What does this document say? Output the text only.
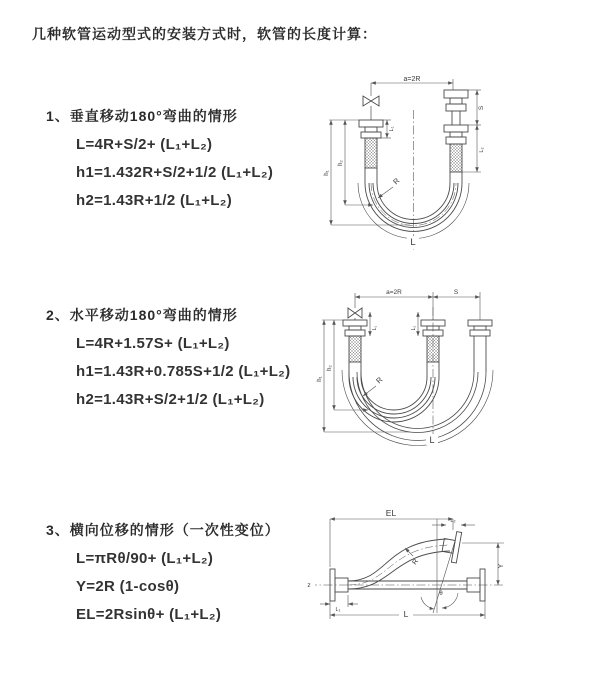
几种软管运动型式的安装方式时，软管的长度计算：
1、垂直移动180°弯曲的情形
L=4R+S/2+ (L₁+L₂)
h1=1.432R+S/2+1/2 (L₁+L₂)
h2=1.43R+1/2 (L₁+L₂)
a=2R
L₁
h₁
h₂
S
L₂
R
L
2、水平移动180°弯曲的情形
L=4R+1.57S+ (L₁+L₂)
h1=1.43R+0.785S+1/2 (L₁+L₂)
h2=1.43R+S/2+1/2 (L₁+L₂)
a=2R	S
L₁	L₂
h₁
h₂
R
L
3、横向位移的情形（一次性变位）
L=πRθ/90+ (L₁+L₂)
Y=2R (1-cosθ)
EL=2Rsinθ+ (L₁+L₂)
EL
L₂
Y
R
θ
L
L₁
z
